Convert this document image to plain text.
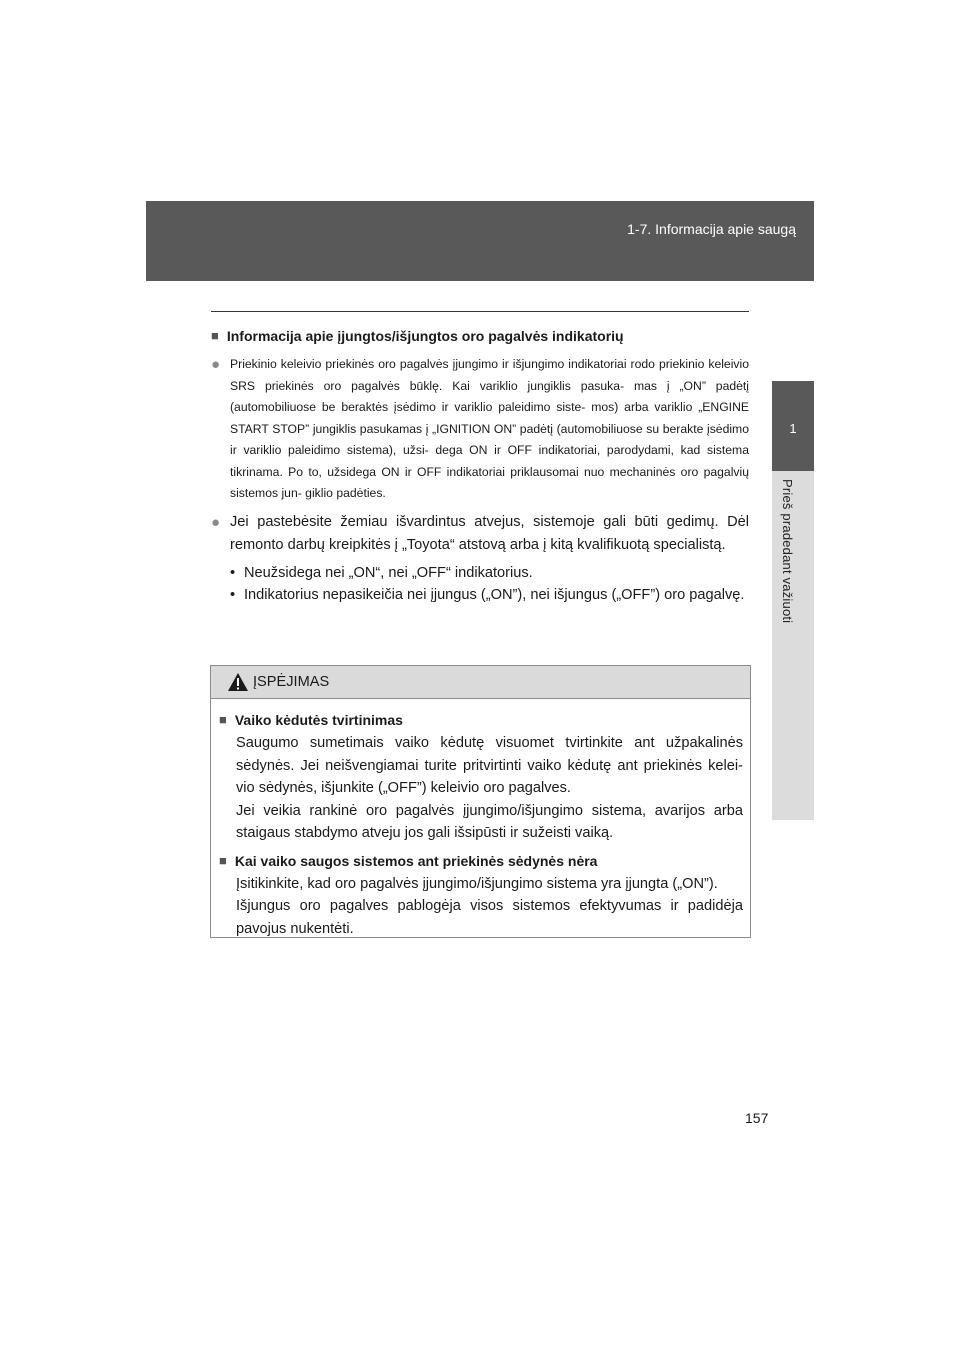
1-7. Informacija apie saugą
1
Prieš pradedant važiuoti
■ Informacija apie įjungtos/išjungtos oro pagalvės indikatorių
● Priekinio keleivio priekinės oro pagalvės įjungimo ir išjungimo indikatoriai rodo priekinio keleivio SRS priekinės oro pagalvės būklę. Kai variklio jungiklis pasuka- mas į „ON” padėtį (automobiliuose be beraktės įsėdimo ir variklio paleidimo siste- mos) arba variklio „ENGINE START STOP” jungiklis pasukamas į „IGNITION ON” padėtį (automobiliuose su berakte įsėdimo ir variklio paleidimo sistema), užsi- dega ON ir OFF indikatoriai, parodydami, kad sistema tikrinama. Po to, užsidega ON ir OFF indikatoriai priklausomai nuo mechaninės oro pagalvių sistemos jun- giklio padėties.
● Jei pastebėsite žemiau išvardintus atvejus, sistemoje gali būti gedimų. Dėl remonto darbų kreipkitės į „Toyota“ atstovą arba į kitą kvalifikuotą specialistą.
• Neužsidega nei „ON“, nei „OFF“ indikatorius.
• Indikatorius nepasikeičia nei įjungus („ON”), nei išjungus („OFF”) oro pagalvę.
ĮSPĖJIMAS
■ Vaiko kėdutės tvirtinimas

Saugumo sumetimais vaiko kėdutę visuomet tvirtinkite ant užpakalinės sėdynės. Jei neišvengiamai turite pritvirtinti vaiko kėdutę ant priekinės kelei- vio sėdynės, išjunkite („OFF”) keleivio oro pagalves.

Jei veikia rankinė oro pagalvės įjungimo/išjungimo sistema, avarijos arba staigaus stabdymo atveju jos gali išsipūsti ir sužeisti vaiką.

■ Kai vaiko saugos sistemos ant priekinės sėdynės nėra

Įsitikinkite, kad oro pagalvės įjungimo/išjungimo sistema yra įjungta („ON”).

Išjungus oro pagalves pablogėja visos sistemos efektyvumas ir padidėja pavojus nukentėti.

157
